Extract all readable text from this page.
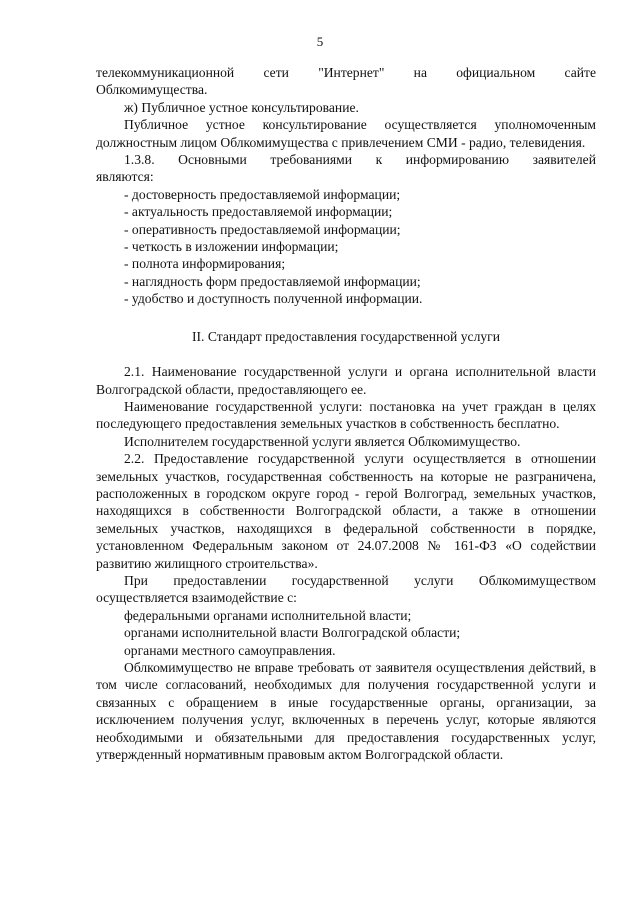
5

телекоммуникационной сети "Интернет" на официальном сайте

Облкомимущества.

ж) Публичное устное консультирование.

Публичное устное консультирование осуществляется уполномоченным должностным лицом Облкомимущества с привлечением СМИ - радио, телевидения.

1.3.8. Основными требованиями к информированию заявителей

являются:

- достоверность предоставляемой информации;
- актуальность предоставляемой информации;
- оперативность предоставляемой информации;
- четкость в изложении информации;
- полнота информирования;
- наглядность форм предоставляемой информации;
- удобство и доступность полученной информации.

II. Стандарт предоставления государственной услуги

2.1. Наименование государственной услуги и органа исполнительной власти Волгоградской области, предоставляющего ее.

Наименование государственной услуги: постановка на учет граждан в целях последующего предоставления земельных участков в собственность бесплатно.

Исполнителем государственной услуги является Облкомимущество.

2.2. Предоставление государственной услуги осуществляется в отношении земельных участков, государственная собственность на которые не разграничена, расположенных в городском округе город - герой Волгоград, земельных участков, находящихся в собственности Волгоградской области, а также в отношении земельных участков, находящихся в федеральной собственности в порядке, установленном Федеральным законом от 24.07.2008 № 161-ФЗ «О содействии развитию жилищного строительства».

При предоставлении государственной услуги Облкомимуществом осуществляется взаимодействие с:

федеральными органами исполнительной власти;

органами исполнительной власти Волгоградской области;

органами местного самоуправления.

Облкомимущество не вправе требовать от заявителя осуществления действий, в том числе согласований, необходимых для получения государственной услуги и связанных с обращением в иные государственные органы, организации, за исключением получения услуг, включенных в перечень услуг, которые являются необходимыми и обязательными для предоставления государственных услуг, утвержденный нормативным правовым актом Волгоградской области.
